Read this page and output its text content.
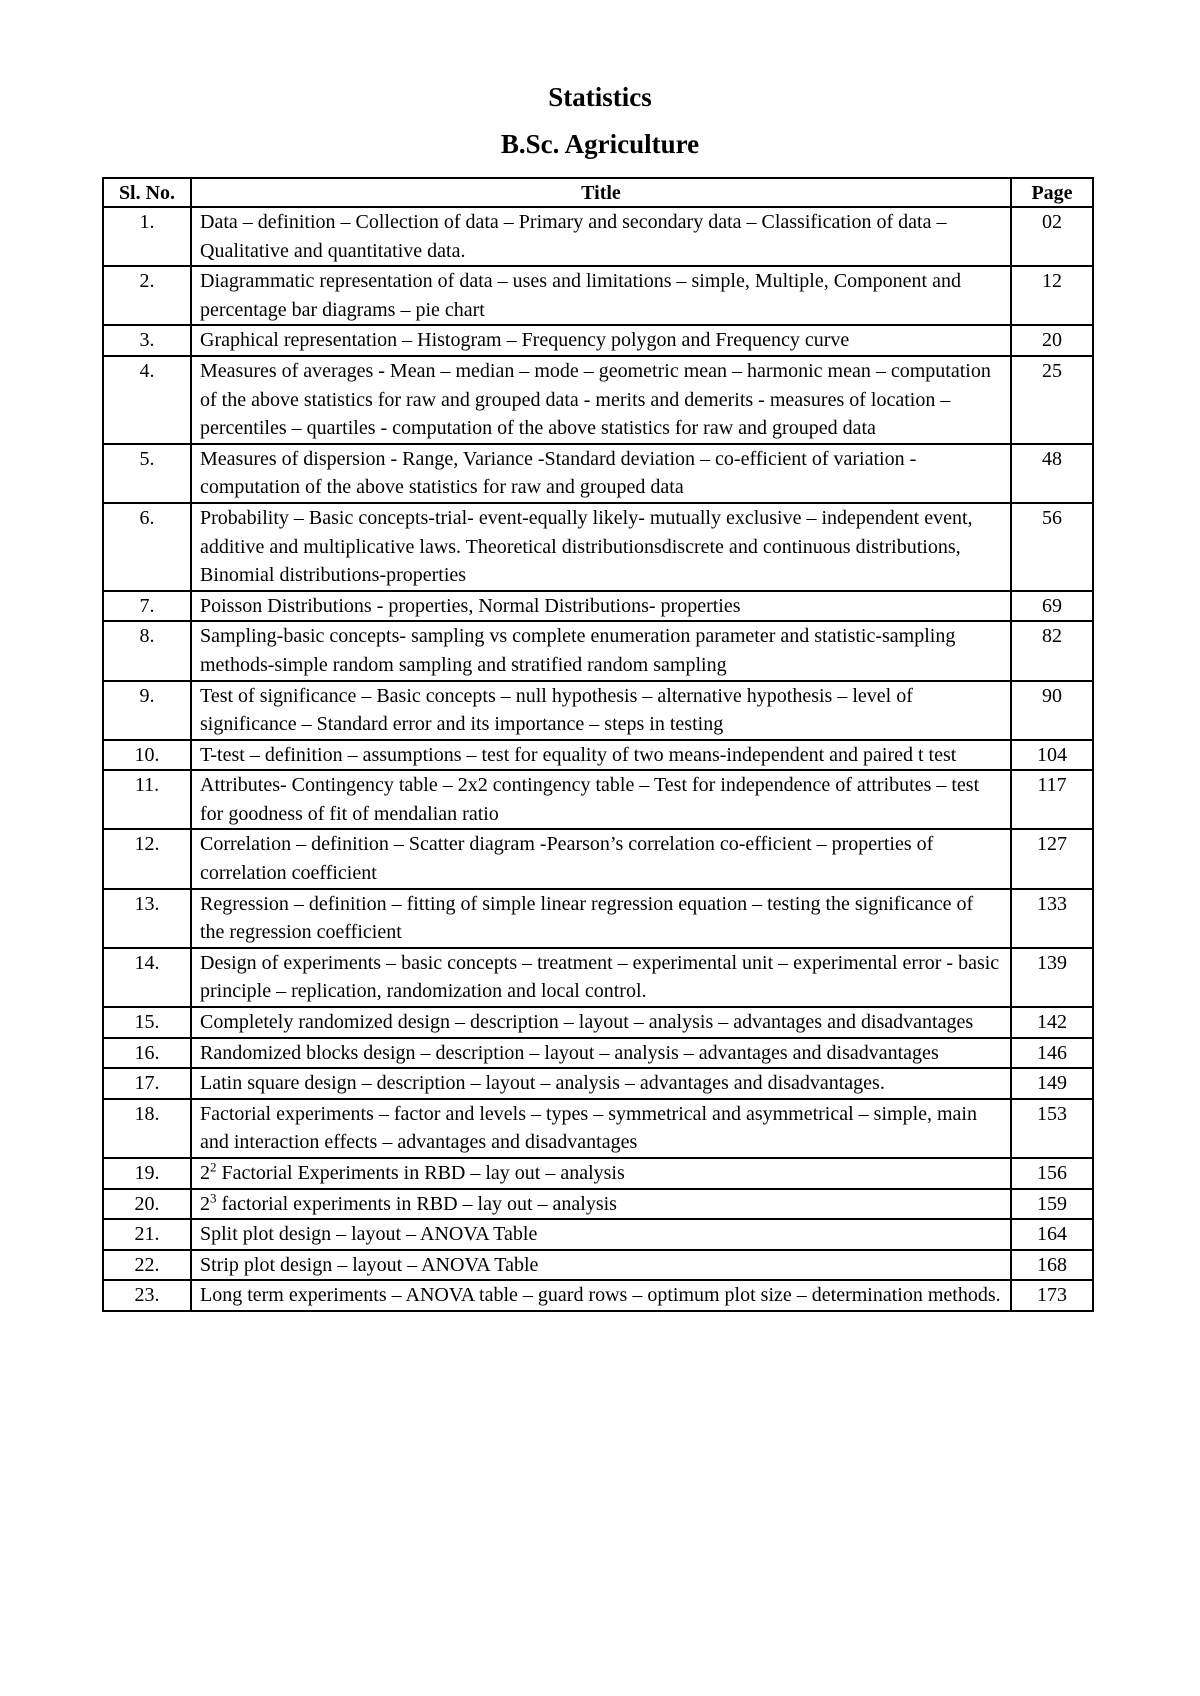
Statistics
B.Sc. Agriculture
Sl. No.	Title	Page
1.	Data – definition – Collection of data – Primary and secondary data – Classification of data – Qualitative and quantitative data.	02
2.	Diagrammatic representation of data – uses and limitations – simple, Multiple, Component and percentage bar diagrams – pie chart	12
3.	Graphical representation – Histogram – Frequency polygon and Frequency curve	20
4.	Measures of averages - Mean – median – mode – geometric mean – harmonic mean – computation of the above statistics for raw and grouped data - merits and demerits - measures of location – percentiles – quartiles - computation of the above statistics for raw and grouped data	25
5.	Measures of dispersion - Range, Variance -Standard deviation – co-efficient of variation - computation of the above statistics for raw and grouped data	48
6.	Probability – Basic concepts-trial- event-equally likely- mutually exclusive – independent event, additive and multiplicative laws. Theoretical distributionsdiscrete and continuous distributions, Binomial distributions-properties	56
7.	Poisson Distributions - properties, Normal Distributions- properties	69
8.	Sampling-basic concepts- sampling vs complete enumeration parameter and statistic-sampling methods-simple random sampling and stratified random sampling	82
9.	Test of significance – Basic concepts – null hypothesis – alternative hypothesis – level of significance – Standard error and its importance – steps in testing	90
10.	T-test – definition – assumptions – test for equality of two means-independent and paired t test	104
11.	Attributes- Contingency table – 2x2 contingency table – Test for independence of attributes – test for goodness of fit of mendalian ratio	117
12.	Correlation – definition – Scatter diagram -Pearson’s correlation co-efficient – properties of correlation coefficient	127
13.	Regression – definition – fitting of simple linear regression equation – testing the significance of the regression coefficient	133
14.	Design of experiments – basic concepts – treatment – experimental unit – experimental error - basic principle – replication, randomization and local control.	139
15.	Completely randomized design – description – layout – analysis – advantages and disadvantages	142
16.	Randomized blocks design – description – layout – analysis – advantages and disadvantages	146
17.	Latin square design – description – layout – analysis – advantages and disadvantages.	149
18.	Factorial experiments – factor and levels – types – symmetrical and asymmetrical – simple, main and interaction effects – advantages and disadvantages	153
19.	$2^2$ Factorial Experiments in RBD – lay out – analysis	156
20.	$2^3$ factorial experiments in RBD – lay out – analysis	159
21.	Split plot design – layout – ANOVA Table	164
22.	Strip plot design – layout – ANOVA Table	168
23.	Long term experiments – ANOVA table – guard rows – optimum plot size – determination methods.	173
